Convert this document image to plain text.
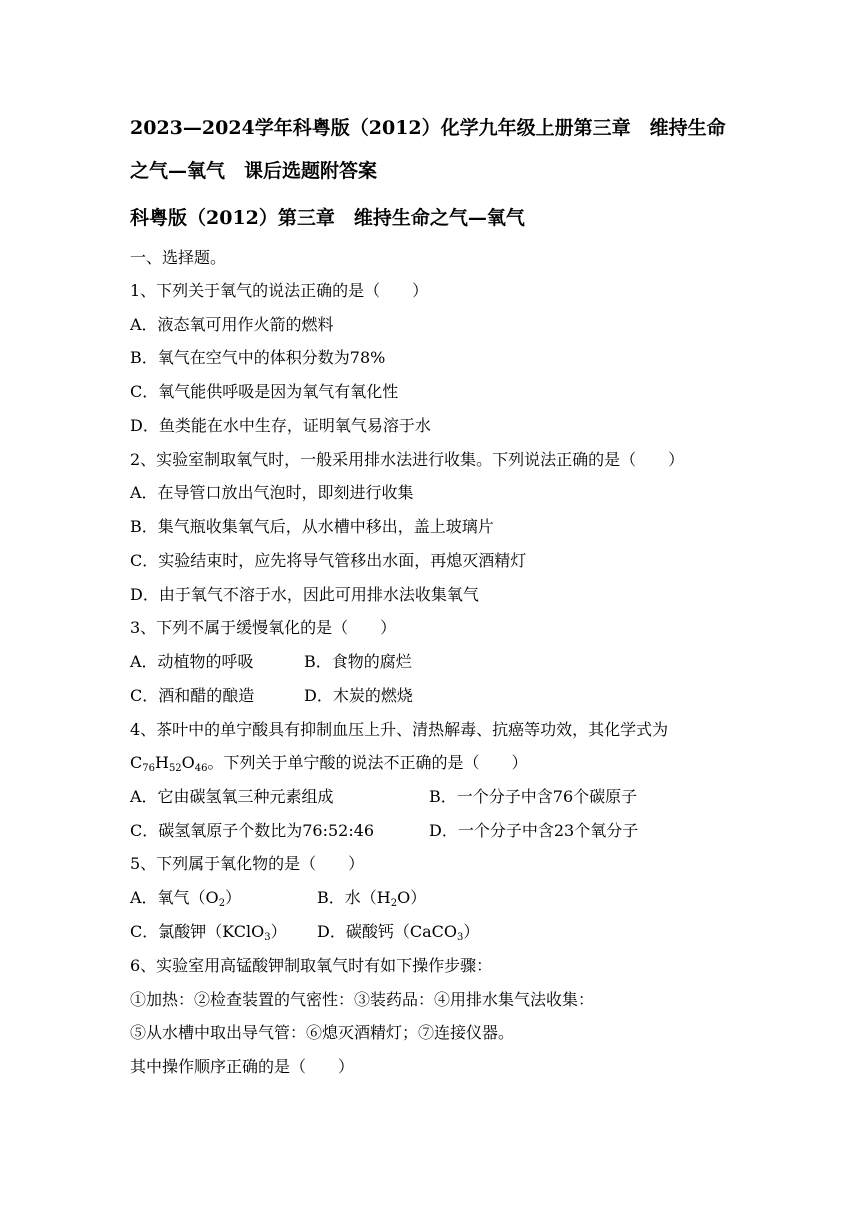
2023—2024学年科粤版（2012）化学九年级上册第三章　维持生命
之气—氧气　课后选题附答案
科粤版（2012）第三章　维持生命之气—氧气
一、选择题。
1、下列关于氧气的说法正确的是（　　）
A．液态氧可用作火箭的燃料
B．氧气在空气中的体积分数为78%
C．氧气能供呼吸是因为氧气有氧化性
D．鱼类能在水中生存，证明氧气易溶于水
2、实验室制取氧气时，一般采用排水法进行收集。下列说法正确的是（　　）
A．在导管口放出气泡时，即刻进行收集
B．集气瓶收集氧气后，从水槽中移出，盖上玻璃片
C．实验结束时，应先将导气管移出水面，再熄灭酒精灯
D．由于氧气不溶于水，因此可用排水法收集氧气
3、下列不属于缓慢氧化的是（　　）
A．动植物的呼吸	B．食物的腐烂
C．酒和醋的酿造	D．木炭的燃烧
4、茶叶中的单宁酸具有抑制血压上升、清热解毒、抗癌等功效，其化学式为
$C_{76}H_{52}O_{46}$。下列关于单宁酸的说法不正确的是（　　）
A．它由碳氢氧三种元素组成	B．一个分子中含76个碳原子
C．碳氢氧原子个数比为76:52:46	D．一个分子中含23个氧分子
5、下列属于氧化物的是（　　）
A．氧气$(O_2)$	B．水$(H_2O)$
C．氯酸钾（KClO$_3$） D．碳酸钙（CaCO$_3$）
6、实验室用高锰酸钾制取氧气时有如下操作步骤：
①加热：②检查装置的气密性：③装药品：④用排水集气法收集：
⑤从水槽中取出导气管：⑥熄灭酒精灯；⑦连接仪器。
其中操作顺序正确的是（　　）
